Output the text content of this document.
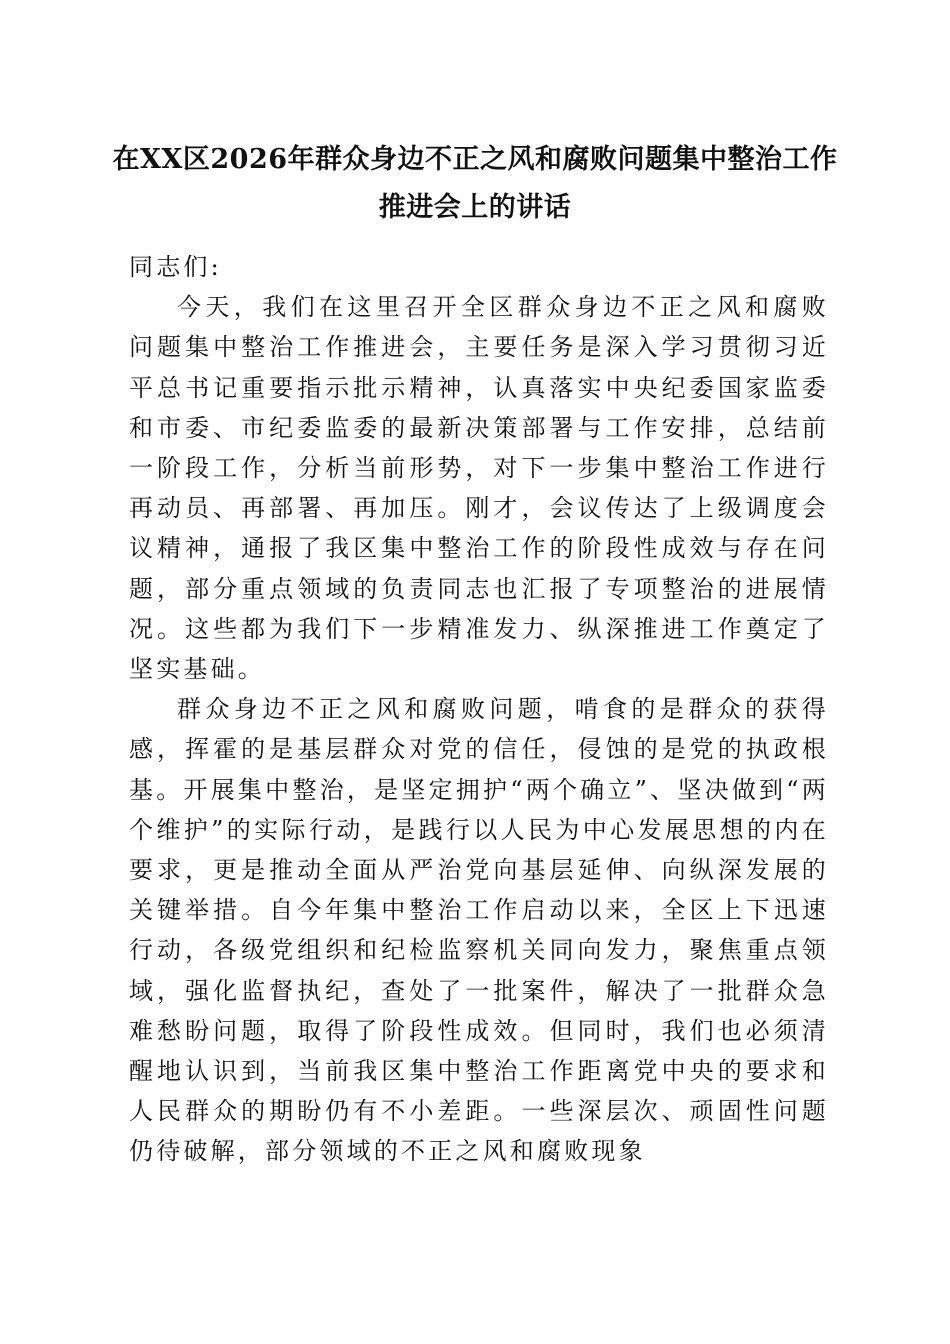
在XX区2026年群众身边不正之风和腐败问题集中整治工作推进会上的讲话

同志们:

今天，我们在这里召开全区群众身边不正之风和腐败问题集中整治工作推进会，主要任务是深入学习贯彻习近平总书记重要指示批示精神，认真落实中央纪委国家监委和市委、市纪委监委的最新决策部署与工作安排，总结前一阶段工作，分析当前形势，对下一步集中整治工作进行再动员、再部署、再加压。刚才，会议传达了上级调度会议精神，通报了我区集中整治工作的阶段性成效与存在问题，部分重点领域的负责同志也汇报了专项整治的进展情况。这些都为我们下一步精准发力、纵深推进工作奠定了坚实基础。

群众身边不正之风和腐败问题，啃食的是群众的获得感，挥霍的是基层群众对党的信任，侵蚀的是党的执政根基。开展集中整治，是坚定拥护“两个确立”、坚决做到“两个维护”的实际行动，是践行以人民为中心发展思想的内在要求，更是推动全面从严治党向基层延伸、向纵深发展的关键举措。自今年集中整治工作启动以来，全区上下迅速行动，各级党组织和纪检监察机关同向发力，聚焦重点领域，强化监督执纪，查处了一批案件，解决了一批群众急难愁盼问题，取得了阶段性成效。但同时，我们也必须清醒地认识到，当前我区集中整治工作距离党中央的要求和人民群众的期盼仍有不小差距。一些深层次、顽固性问题仍待破解，部分领域的不正之风和腐败现象
